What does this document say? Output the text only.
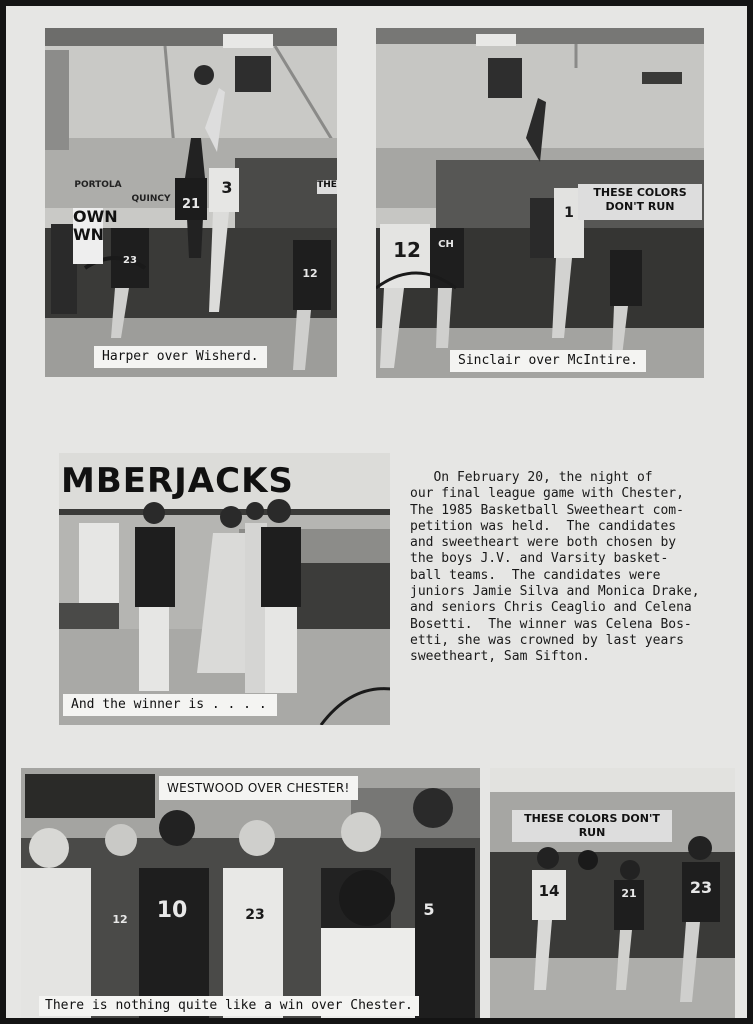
PORTOLA
QUINCY
OWN
WN
THE
21
3
23
12
Harper over Wisherd.
THESE COLORS DON'T RUN
12
1
CH
Sinclair over McIntire.
MBERJACKS
And the winner is . . . .
On February 20, the night of
our final league game with Chester,
The 1985 Basketball Sweetheart com-
petition was held.  The candidates
and sweetheart were both chosen by
the boys J.V. and Varsity basket-
ball teams.  The candidates were
juniors Jamie Silva and Monica Drake,
and seniors Chris Ceaglio and Celena
Bosetti.  The winner was Celena Bos-
etti, she was crowned by last years
sweetheart, Sam Sifton.
10	23	5
12
WESTWOOD OVER CHESTER!
There is nothing quite like a win over Chester.
THESE COLORS DON'T RUN
14	21	23
